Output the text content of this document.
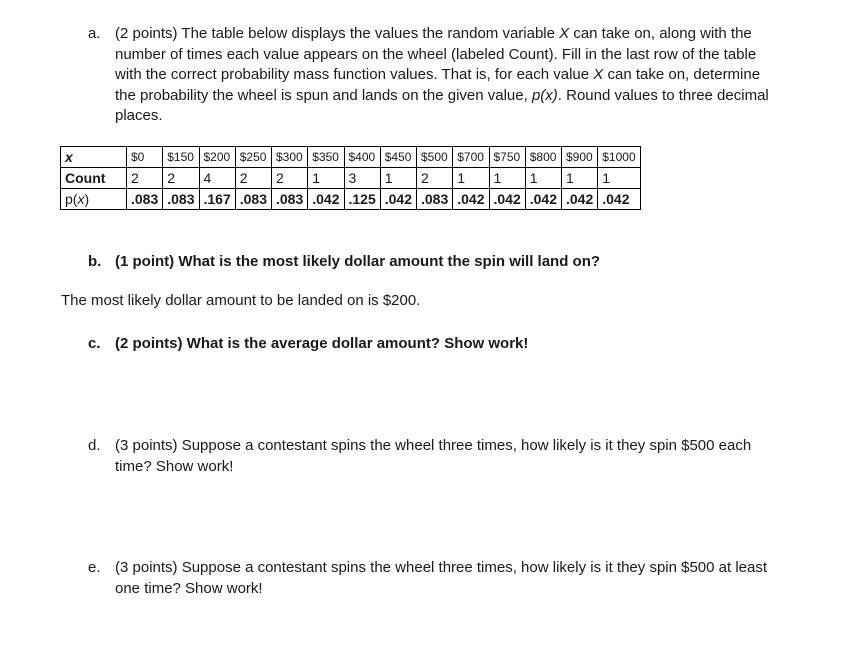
a. (2 points) The table below displays the values the random variable X can take on, along with the number of times each value appears on the wheel (labeled Count). Fill in the last row of the table with the correct probability mass function values. That is, for each value X can take on, determine the probability the wheel is spun and lands on the given value, p(x). Round values to three decimal places.
x	$0	$150	$200	$250	$300	$350	$400	$450	$500	$700	$750	$800	$900	$1000
Count	2	2	4	2	2	1	3	1	2	1	1	1	1	1
p(x)	.083	.083	.167	.083	.083	.042	.125	.042	.083	.042	.042	.042	.042	.042
b. (1 point) What is the most likely dollar amount the spin will land on?
The most likely dollar amount to be landed on is $200.
c. (2 points) What is the average dollar amount? Show work!
d. (3 points) Suppose a contestant spins the wheel three times, how likely is it they spin $500 each time? Show work!
e. (3 points) Suppose a contestant spins the wheel three times, how likely is it they spin $500 at least one time? Show work!
